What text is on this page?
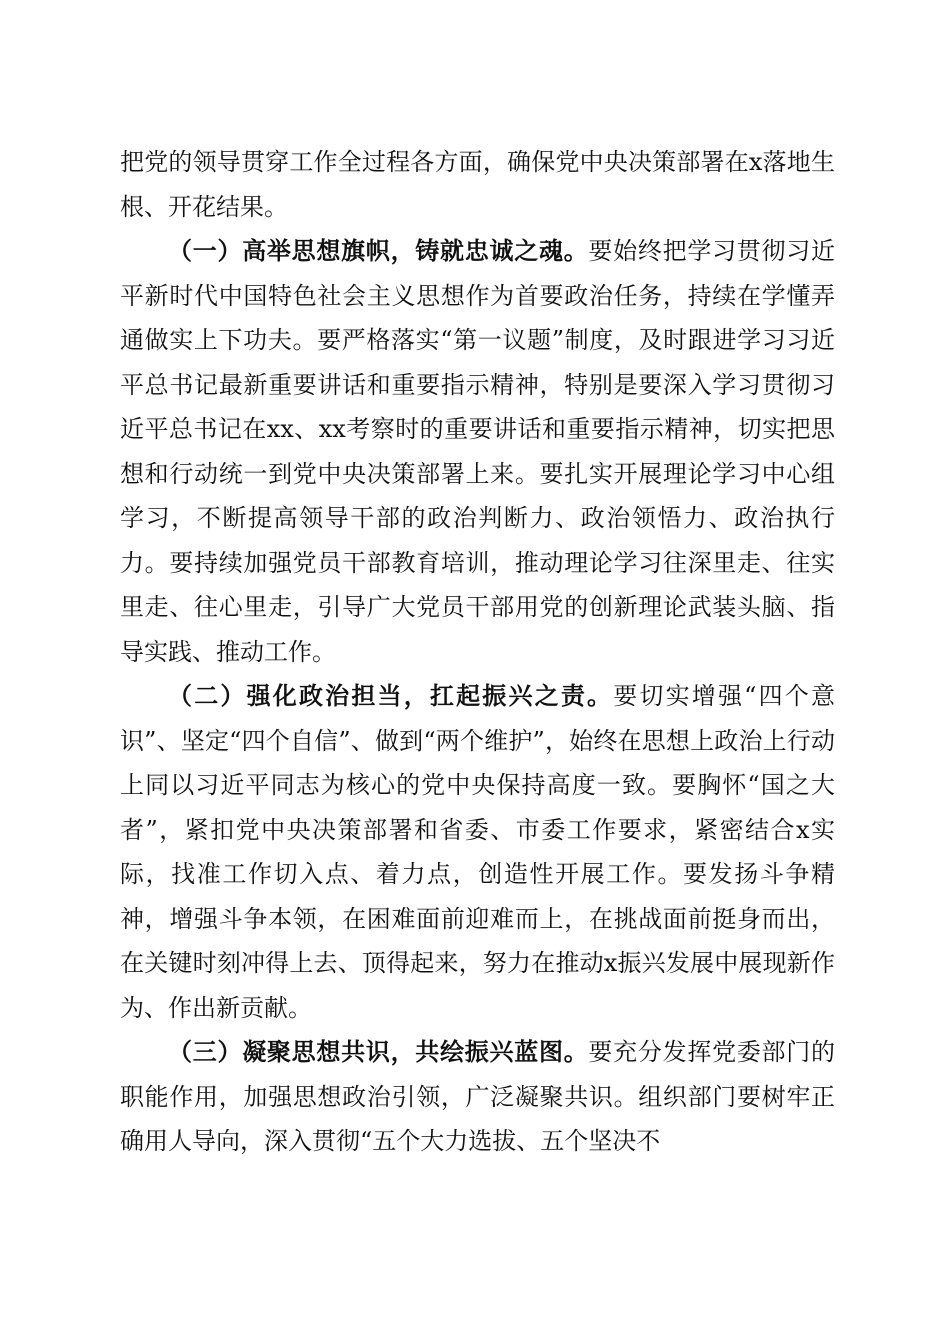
把党的领导贯穿工作全过程各方面，确保党中央决策部署在x落地生根、开花结果。

（一）高举思想旗帜，铸就忠诚之魂。要始终把学习贯彻习近平新时代中国特色社会主义思想作为首要政治任务，持续在学懂弄通做实上下功夫。要严格落实“第一议题”制度，及时跟进学习习近平总书记最新重要讲话和重要指示精神，特别是要深入学习贯彻习近平总书记在xx、xx考察时的重要讲话和重要指示精神，切实把思想和行动统一到党中央决策部署上来。要扎实开展理论学习中心组学习，不断提高领导干部的政治判断力、政治领悟力、政治执行力。要持续加强党员干部教育培训，推动理论学习往深里走、往实里走、往心里走，引导广大党员干部用党的创新理论武装头脑、指导实践、推动工作。

（二）强化政治担当，扛起振兴之责。要切实增强“四个意识”、坚定“四个自信”、做到“两个维护”，始终在思想上政治上行动上同以习近平同志为核心的党中央保持高度一致。要胸怀“国之大者”，紧扣党中央决策部署和省委、市委工作要求，紧密结合x实际，找准工作切入点、着力点，创造性开展工作。要发扬斗争精神，增强斗争本领，在困难面前迎难而上，在挑战面前挺身而出，在关键时刻冲得上去、顶得起来，努力在推动x振兴发展中展现新作为、作出新贡献。

（三）凝聚思想共识，共绘振兴蓝图。要充分发挥党委部门的职能作用，加强思想政治引领，广泛凝聚共识。组织部门要树牢正确用人导向，深入贯彻“五个大力选拔、五个坚决不
